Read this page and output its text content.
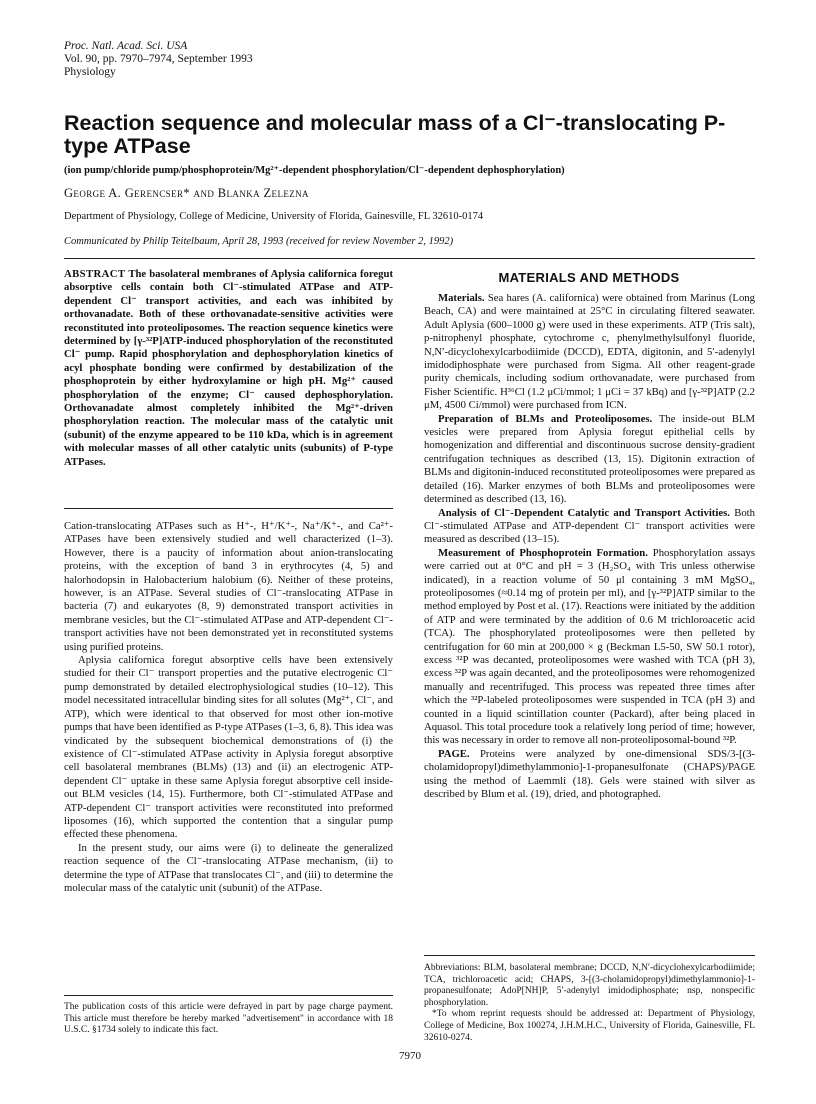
Proc. Natl. Acad. Sci. USA
Vol. 90, pp. 7970–7974, September 1993
Physiology
Reaction sequence and molecular mass of a Cl⁻-translocating P-type ATPase
(ion pump/chloride pump/phosphoprotein/Mg²⁺-dependent phosphorylation/Cl⁻-dependent dephosphorylation)
George A. Gerencser* and Blanka Zelezna
Department of Physiology, College of Medicine, University of Florida, Gainesville, FL 32610-0174
Communicated by Philip Teitelbaum, April 28, 1993 (received for review November 2, 1992)
ABSTRACT The basolateral membranes of Aplysia californica foregut absorptive cells contain both Cl⁻-stimulated ATPase and ATP-dependent Cl⁻ transport activities, and each was inhibited by orthovanadate. Both of these orthovanadate-sensitive activities were reconstituted into proteoliposomes. The reaction sequence kinetics were determined by [γ-³²P]ATP-induced phosphorylation of the reconstituted Cl⁻ pump. Rapid phosphorylation and dephosphorylation kinetics of acyl phosphate bonding were confirmed by destabilization of the phosphoprotein by either hydroxylamine or high pH. Mg²⁺ caused phosphorylation of the enzyme; Cl⁻ caused dephosphorylation. Orthovanadate almost completely inhibited the Mg²⁺-driven phosphorylation reaction. The molecular mass of the catalytic unit (subunit) of the enzyme appeared to be 110 kDa, which is in agreement with molecular masses of all other catalytic units (subunits) of P-type ATPases.

Cation-translocating ATPases such as H⁺-, H⁺/K⁺-, Na⁺/K⁺-, and Ca²⁺-ATPases have been extensively studied and well characterized (1–3). However, there is a paucity of information about anion-translocating proteins, with the exception of band 3 in erythrocytes (4, 5) and halorhodopsin in Halobacterium halobium (6). Neither of these proteins, however, is an ATPase. Several studies of Cl⁻-translocating ATPase in bacteria (7) and eukaryotes (8, 9) demonstrated transport activities in membrane vesicles, but the Cl⁻-stimulated ATPase and ATP-dependent Cl⁻-transport activities have not been demonstrated yet in reconstituted systems using purified proteins.

Aplysia californica foregut absorptive cells have been extensively studied for their Cl⁻ transport properties and the putative electrogenic Cl⁻ pump demonstrated by detailed electrophysiological studies (10–12). This model necessitated intracellular binding sites for all solutes (Mg²⁺, Cl⁻, and ATP), which were identical to that observed for most other ion-motive pumps that have been identified as P-type ATPases (1–3, 6, 8). This idea was vindicated by the subsequent biochemical demonstrations of (i) the existence of Cl⁻-stimulated ATPase activity in Aplysia foregut absorptive cell basolateral membranes (BLMs) (13) and (ii) an electrogenic ATP-dependent Cl⁻ uptake in these same Aplysia foregut absorptive cell inside-out BLM vesicles (14, 15). Furthermore, both Cl⁻-stimulated ATPase and ATP-dependent Cl⁻ transport activities were reconstituted into preformed liposomes (16), which supported the contention that a singular pump effected these phenomena.

In the present study, our aims were (i) to delineate the generalized reaction sequence of the Cl⁻-translocating ATPase mechanism, (ii) to determine the type of ATPase that translocates Cl⁻, and (iii) to determine the molecular mass of the catalytic unit (subunit) of the ATPase.

The publication costs of this article were defrayed in part by page charge payment. This article must therefore be hereby marked "advertisement" in accordance with 18 U.S.C. §1734 solely to indicate this fact.
MATERIALS AND METHODS

Materials. Sea hares (A. californica) were obtained from Marinus (Long Beach, CA) and were maintained at 25°C in circulating filtered seawater. Adult Aplysia (600–1000 g) were used in these experiments. ATP (Tris salt), p-nitrophenyl phosphate, cytochrome c, phenylmethylsulfonyl fluoride, N,N′-dicyclohexylcarbodiimide (DCCD), EDTA, digitonin, and 5′-adenylyl imidodiphosphate were purchased from Sigma. All other reagent-grade purity chemicals, including sodium orthovanadate, were purchased from Fisher Scientific. H³⁶Cl (1.2 μCi/mmol; 1 μCi = 37 kBq) and [γ-³²P]ATP (2.2 μM, 4500 Ci/mmol) were purchased from ICN.

Preparation of BLMs and Proteoliposomes. The inside-out BLM vesicles were prepared from Aplysia foregut epithelial cells by homogenization and differential and discontinuous sucrose density-gradient centrifugation techniques as described (13, 15). Digitonin extraction of BLMs and digitonin-induced reconstituted proteoliposomes were prepared as detailed (16). Marker enzymes of both BLMs and proteoliposomes were determined as described (13, 16).

Analysis of Cl⁻-Dependent Catalytic and Transport Activities. Both Cl⁻-stimulated ATPase and ATP-dependent Cl⁻ transport activities were measured as described (13–15).

Measurement of Phosphoprotein Formation. Phosphorylation assays were carried out at 0°C and pH = 3 (H₂SO₄ with Tris unless otherwise indicated), in a reaction volume of 50 μl containing 3 mM MgSO₄, proteoliposomes (≈0.14 mg of protein per ml), and [γ-³²P]ATP similar to the method employed by Post et al. (17). Reactions were initiated by the addition of ATP and were terminated by the addition of 0.6 M trichloroacetic acid (TCA). The phosphorylated proteoliposomes were then pelleted by centrifugation for 60 min at 200,000 × g (Beckman L5-50, SW 50.1 rotor), excess ³²P was decanted, proteoliposomes were washed with TCA (pH 3), excess ³²P was again decanted, and the proteoliposomes were rehomogenized manually and recentrifuged. This process was repeated three times after which the ³²P-labeled proteoliposomes were suspended in TCA (pH 3) and counted in a liquid scintillation counter (Packard), after being placed in Aquasol. This total procedure took a relatively long period of time; however, this was necessary in order to remove all non-proteoliposomal-bound ³²P.

PAGE. Proteins were analyzed by one-dimensional SDS/3-[(3-cholamidopropyl)dimethylammonio]-1-propanesulfonate (CHAPS)/PAGE using the method of Laemmli (18). Gels were stained with silver as described by Blum et al. (19), dried, and photographed.

Abbreviations: BLM, basolateral membrane; DCCD, N,N′-dicyclohexylcarbodiimide; TCA, trichloroacetic acid; CHAPS, 3-[(3-cholamidopropyl)dimethylammonio]-1-propanesulfonate; AdoP[NH]P, 5′-adenylyl imidodiphosphate; nsp, nonspecific phosphorylation.

*To whom reprint requests should be addressed at: Department of Physiology, College of Medicine, Box 100274, J.H.M.H.C., University of Florida, Gainesville, FL 32610-0274.

7970
